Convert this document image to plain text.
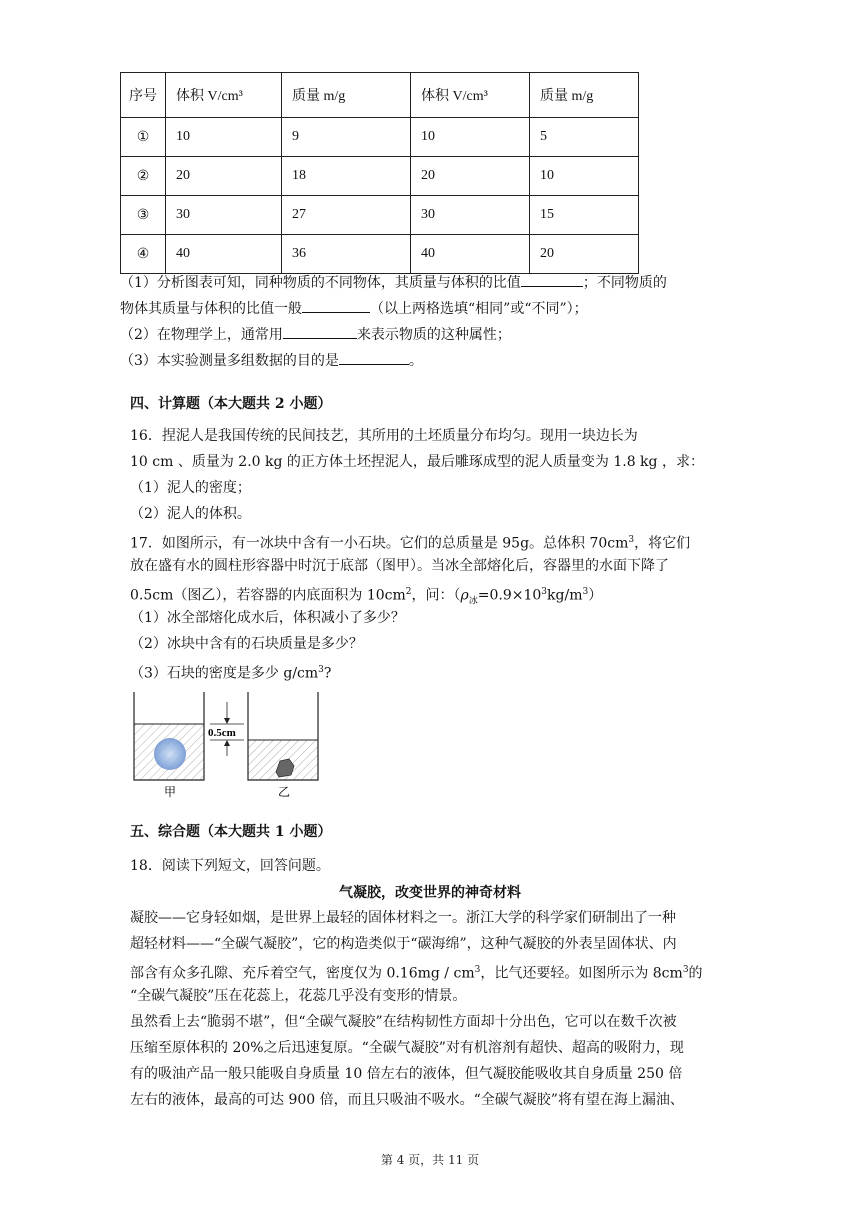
序号	体积 V/cm³	质量 m/g	体积 V/cm³	质量 m/g
①	10	9	10	5
②	20	18	20	10
③	30	27	30	15
④	40	36	40	20
（1）分析图表可知，同种物质的不同物体，其质量与体积的比值	；不同物质的
物体其质量与体积的比值一般	（以上两格选填“相同”或“不同”）；
（2）在物理学上，通常用	来表示物质的这种属性；
（3）本实验测量多组数据的目的是	。
四、计算题（本大题共 2 小题）
16．捏泥人是我国传统的民间技艺，其所用的土坯质量分布均匀。现用一块边长为
10 cm 、质量为 2.0 kg 的正方体土坯捏泥人，最后雕琢成型的泥人质量变为 1.8 kg ，求：
（1）泥人的密度；
（2）泥人的体积。
17．如图所示，有一冰块中含有一小石块。它们的总质量是 95g。总体积 $70cm^3$，将它们
放在盛有水的圆柱形容器中时沉于底部（图甲）。当冰全部熔化后，容器里的水面下降了
0.5cm（图乙），若容器的内底面积为 $10cm^2$，问：$(\rho_冰=0.9\times 10^3kg/m^3)$
（1）冰全部熔化成水后，体积减小了多少？
（2）冰块中含有的石块质量是多少？
（3）石块的密度是多少 $g/cm^3$?
0.5cm
甲	乙
五、综合题（本大题共 1 小题）
18．阅读下列短文，回答问题。
气凝胶，改变世界的神奇材料
凝胶——它身轻如烟，是世界上最轻的固体材料之一。浙江大学的科学家们研制出了一种
超轻材料——“全碳气凝胶”，它的构造类似于“碳海绵”，这种气凝胶的外表呈固体状、内
部含有众多孔隙、充斥着空气，密度仅为 $0.16mg / cm^3$，比气还要轻。如图所示为 $8cm^3$的
“全碳气凝胶”压在花蕊上，花蕊几乎没有变形的情景。
虽然看上去“脆弱不堪”，但“全碳气凝胶”在结构韧性方面却十分出色，它可以在数千次被
压缩至原体积的 20%之后迅速复原。“全碳气凝胶”对有机溶剂有超快、超高的吸附力，现
有的吸油产品一般只能吸自身质量 10 倍左右的液体，但气凝胶能吸收其自身质量 250 倍
左右的液体，最高的可达 900 倍，而且只吸油不吸水。“全碳气凝胶”将有望在海上漏油、
第 4 页，共 11 页
